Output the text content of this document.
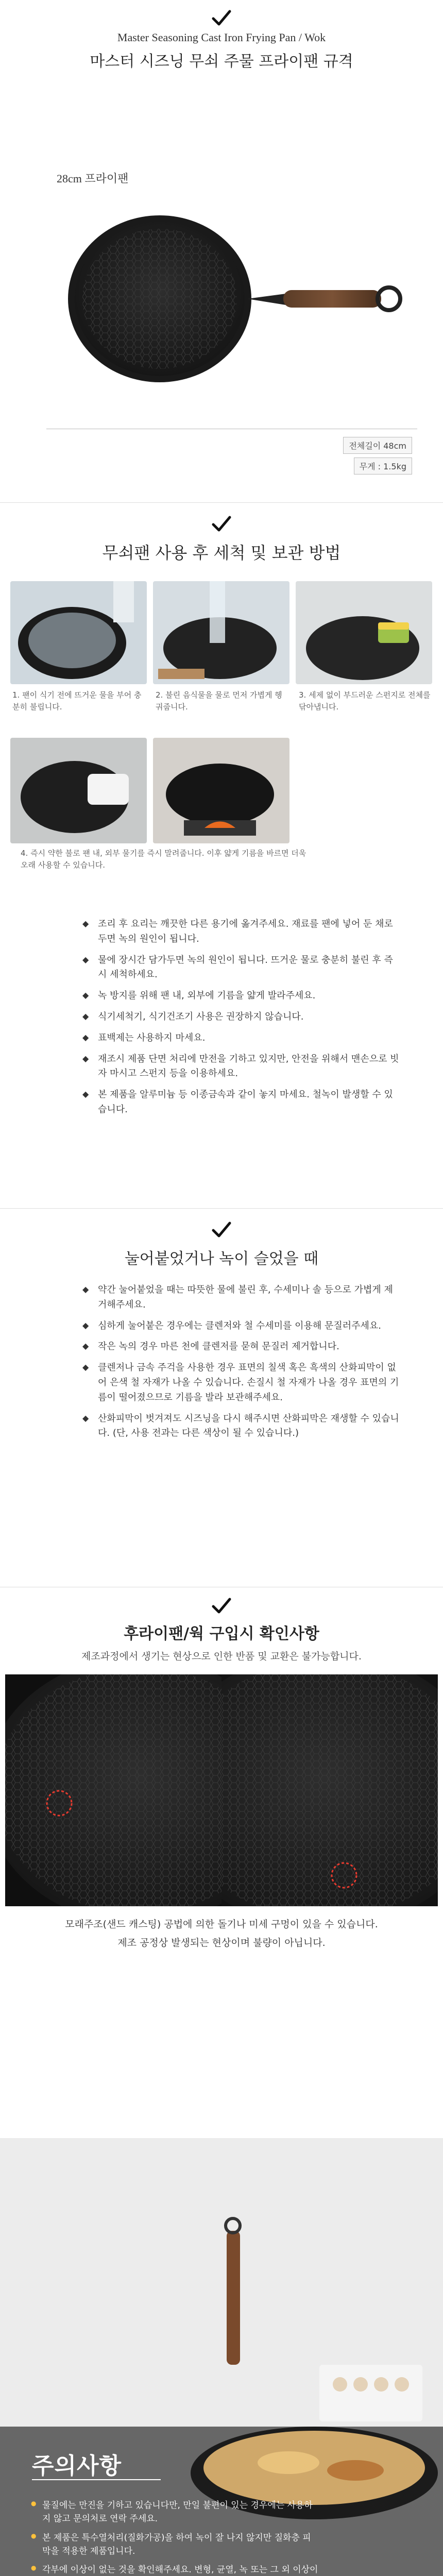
Master Seasoning Cast Iron Frying Pan / Wok
마스터 시즈닝 무쇠 주물 프라이팬 규격
28cm 프라이팬
전체길이 48cm
무게 : 1.5kg
무쇠팬 사용 후 세척 및 보관 방법
1. 팬이 식기 전에 뜨거운 물을 부어 충분히 불립니다.
2. 불린 음식물을 물로 먼저 가볍게 헹궈줍니다.
3. 세제 없이 부드러운 스펀지로 전체를 닦아냅니다.
4. 즉시 약한 불로 팬 내, 외부 물기를 즉시 말려줍니다. 이후 얇게 기름을 바르면 더욱 오래 사용할 수 있습니다.
◆ 조리 후 요리는 깨끗한 다른 용기에 옮겨주세요. 재료를 팬에 넣어 둔 채로 두면 녹의 원인이 됩니다.
◆ 물에 장시간 담가두면 녹의 원인이 됩니다. 뜨거운 물로 충분히 불린 후 즉시 세척하세요.
◆ 녹 방지를 위해 팬 내, 외부에 기름을 얇게 발라주세요.
◆ 식기세척기, 식기건조기 사용은 권장하지 않습니다.
◆ 표백제는 사용하지 마세요.
◆ 재조시 제품 단면 처리에 만전을 기하고 있지만, 안전을 위해서 맨손으로 빗자 마시고 스펀지 등을 이용하세요.
◆ 본 제품을 알루미늄 등 이종금속과 같이 놓지 마세요. 철녹이 발생할 수 있습니다.
눌어붙었거나 녹이 슬었을 때
◆ 약간 눌어붙었을 때는 따뜻한 물에 불린 후, 수세미나 솔 등으로 가볍게 제거해주세요.
◆ 심하게 눌어붙은 경우에는 클렌저와 철 수세미를 이용해 문질러주세요.
◆ 작은 녹의 경우 마른 천에 클렌저를 묻혀 문질러 제거합니다.
◆ 클렌저나 금속 주걱을 사용한 경우 표면의 칠색 혹은 흑색의 산화피막이 없어 은색 철 자재가 나올 수 있습니다. 손질시 철 자재가 나올 경우 표면의 기름이 떨어졌으므로 기름을 발라 보관해주세요.
◆ 산화피막이 벗겨져도 시즈닝을 다시 해주시면 산화피막은 재생할 수 있습니다. (단, 사용 전과는 다른 색상이 될 수 있습니다.)
후라이팬/웍 구입시 확인사항
제조과정에서 생기는 현상으로 인한 반품 및 교환은 불가능합니다.
모래주조(샌드 캐스팅) 공법에 의한 돌기나 미세 구멍이 있을 수 있습니다.
제조 공정상 발생되는 현상이며 불량이 아닙니다.
주의사항
● 물질에는 만진을 기하고 있습니다만, 만일 불편이 있는 경우에는 사용하지 않고 문의처로 연락 주세요.
● 본 제품은 특수열처리(질화가공)을 하여 녹이 잘 나지 않지만 질화층 피막을 적용한 제품입니다.
● 각부에 이상이 없는 것을 확인해주세요. 변형, 균열, 녹 또는 그 외 이상이
